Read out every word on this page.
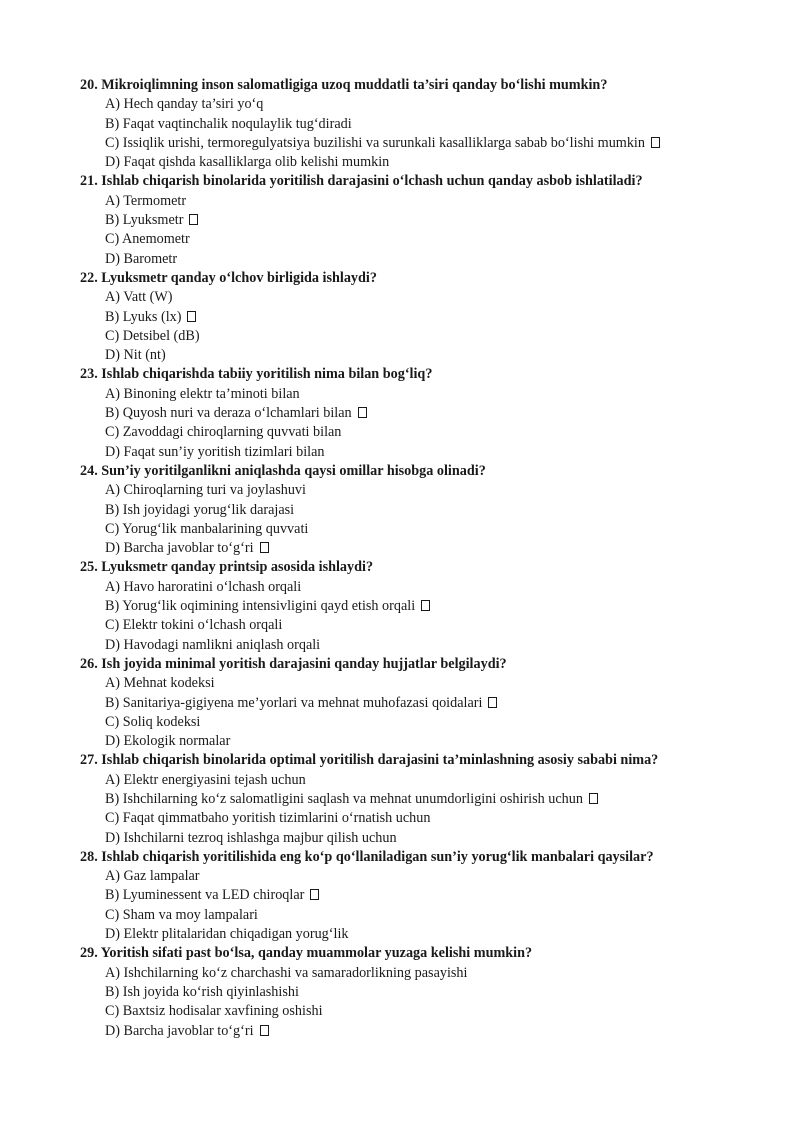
20. Mikroiqlimning inson salomatligiga uzoq muddatli ta’siri qanday bo‘lishi mumkin?
A) Hech qanday ta’siri yo‘q
B) Faqat vaqtinchalik noqulaylik tug‘diradi
C) Issiqlik urishi, termoregulyatsiya buzilishi va surunkali kasalliklarga sabab bo‘lishi mumkin
D) Faqat qishda kasalliklarga olib kelishi mumkin
21. Ishlab chiqarish binolarida yoritilish darajasini o‘lchash uchun qanday asbob ishlatiladi?
A) Termometr
B) Lyuksmetr
C) Anemometr
D) Barometr
22. Lyuksmetr qanday o‘lchov birligida ishlaydi?
A) Vatt (W)
B) Lyuks (lx)
C) Detsibel (dB)
D) Nit (nt)
23. Ishlab chiqarishda tabiiy yoritilish nima bilan bog‘liq?
A) Binoning elektr ta’minoti bilan
B) Quyosh nuri va deraza o‘lchamlari bilan
C) Zavoddagi chiroqlarning quvvati bilan
D) Faqat sun’iy yoritish tizimlari bilan
24. Sun’iy yoritilganlikni aniqlashda qaysi omillar hisobga olinadi?
A) Chiroqlarning turi va joylashuvi
B) Ish joyidagi yorug‘lik darajasi
C) Yorug‘lik manbalarining quvvati
D) Barcha javoblar to‘g‘ri
25. Lyuksmetr qanday printsip asosida ishlaydi?
A) Havo haroratini o‘lchash orqali
B) Yorug‘lik oqimining intensivligini qayd etish orqali
C) Elektr tokini o‘lchash orqali
D) Havodagi namlikni aniqlash orqali
26. Ish joyida minimal yoritish darajasini qanday hujjatlar belgilaydi?
A) Mehnat kodeksi
B) Sanitariya-gigiyena me’yorlari va mehnat muhofazasi qoidalari
C) Soliq kodeksi
D) Ekologik normalar
27. Ishlab chiqarish binolarida optimal yoritilish darajasini ta’minlashning asosiy sababi nima?
A) Elektr energiyasini tejash uchun
B) Ishchilarning ko‘z salomatligini saqlash va mehnat unumdorligini oshirish uchun
C) Faqat qimmatbaho yoritish tizimlarini o‘rnatish uchun
D) Ishchilarni tezroq ishlashga majbur qilish uchun
28. Ishlab chiqarish yoritilishida eng ko‘p qo‘llaniladigan sun’iy yorug‘lik manbalari qaysilar?
A) Gaz lampalar
B) Lyuminessent va LED chiroqlar
C) Sham va moy lampalari
D) Elektr plitalaridan chiqadigan yorug‘lik
29. Yoritish sifati past bo‘lsa, qanday muammolar yuzaga kelishi mumkin?
A) Ishchilarning ko‘z charchashi va samaradorlikning pasayishi
B) Ish joyida ko‘rish qiyinlashishi
C) Baxtsiz hodisalar xavfining oshishi
D) Barcha javoblar to‘g‘ri
